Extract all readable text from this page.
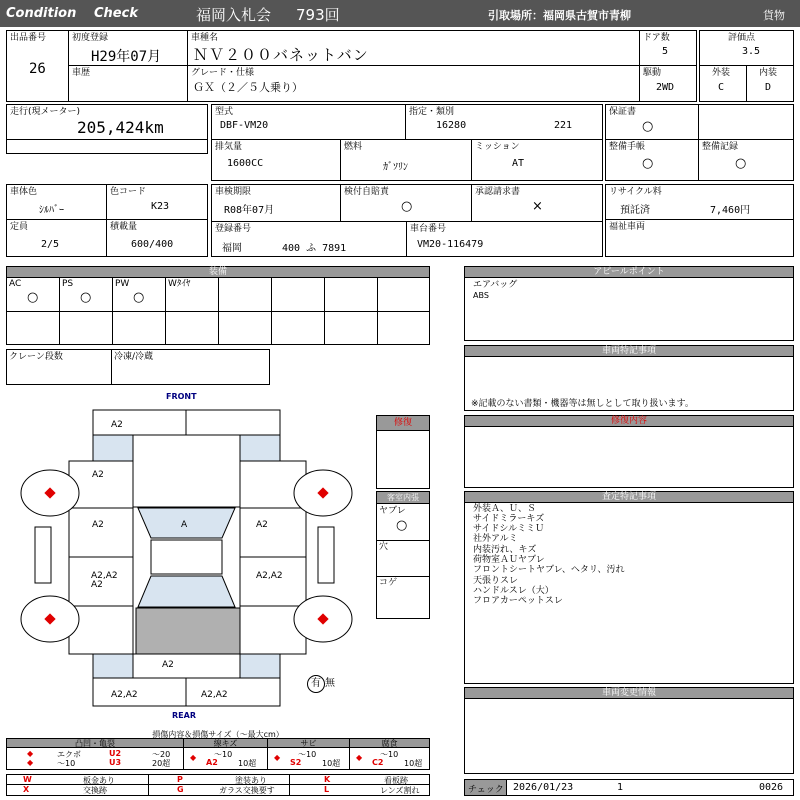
Condition Check	福岡入札会 793回	引取場所：福岡県古賀市青柳	貨物
出品番号
26
初度登録
H29年07月
車種名
ＮＶ２００バネットバン
ドア数
5
評価点
3.5
車歴	グレード・仕様
ＧＸ（２／５人乗り）
駆動
2WD
外装
C
内装
D
走行(現メーター)
205,424km
型式
DBF-VM20
指定・類別
16280	221
保証書
○
排気量
1600CC
燃料
ｶﾞｿﾘﾝ
ミッション
AT
整備手帳
○
整備記録
○
車体色
ｼﾙﾊﾞｰ
色コード
K23
車検期限
R08年07月
検付自賠責
○
承認請求書
×
リサイクル料
預託済	7,460円
定員
2/5
積載量
600/400
登録番号
福岡	400 ふ 7891
車台番号
VM20-116479
福祉車両
装備
AC
○
PS
○
PW
○
Wﾀｲﾔ
クレーン段数	冷凍/冷蔵
アピールポイント
エアバッグ
ABS
車両特記事項
※記載のない書類・機器等は無しとして取り扱います。
修復内容
査定特記事項
外装Ａ、Ｕ、Ｓ
サイドミラーキズ
サイドシルミミＵ
社外アルミ
内装汚れ、キズ
荷物室ＡＵヤブレ
フロントシートヤブレ、ヘタリ、汚れ
天張りスレ
ハンドルスレ（大）
フロアカーペットスレ
車両変更情報
FRONT
REAR
A2
A2
A2	A	A2
A2,A2
A2
A2,A2
A2
A2,A2	A2,A2
有 無
修復
客室内張
ヤブレ
○
穴
コゲ
損傷内容＆損傷サイズ（〜最大cm）
凸凹・亀裂
◆	エクボ	U2	〜20
◆	〜10	U3	20超
線キズ
◆ 〜10
A2	10超
サビ
◆ 〜10
S2	10超
腐食
◆ 〜10
C2	10超
W	板金あり	P	塗装あり	K	看板跡
X	交換跡	G	ガラス交換要す	L	レンズ割れ	チェック 2026/01/23	1	0026
